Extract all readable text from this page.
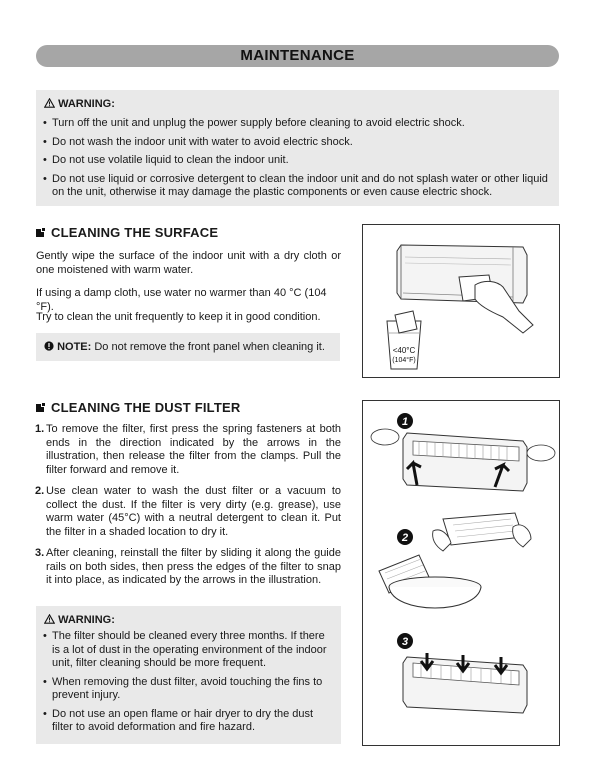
MAINTENANCE
WARNING:
• Turn off the unit and unplug the power supply before cleaning to avoid electric shock.
• Do not wash the indoor unit with water to avoid electric shock.
• Do not use volatile liquid to clean the indoor unit.
• Do not use liquid or corrosive detergent to clean the indoor unit and do not splash water or other liquid on the unit, otherwise it may damage the plastic components or even cause electric shock.
CLEANING THE SURFACE
Gently wipe the surface of the indoor unit with a dry cloth or one moistened with warm water.
If using a damp cloth, use water no warmer than 40 °C (104 °F).
Try to clean the unit frequently to keep it in good condition.
NOTE: Do not remove the front panel when cleaning it.	<40°C
(104°F)
CLEANING THE DUST FILTER
1. To remove the filter, first press the spring fasteners at both ends in the direction indicated by the arrows in the illustration, then release the filter from the clamps. Pull the filter forward and remove it.
2. Use clean water to wash the dust filter or a vacuum to collect the dust. If the filter is very dirty (e.g. grease), use warm water (45°C) with a neutral detergent to clean it. Put the filter in a shaded location to dry it.
3. After cleaning, reinstall the filter by sliding it along the guide rails on both sides, then press the edges of the filter to snap it into place, as indicated by the arrows in the illustration.
WARNING:
• The filter should be cleaned every three months. If there is a lot of dust in the operating environment of the indoor unit, filter cleaning should be more frequent.
• When removing the dust filter, avoid touching the fins to prevent injury.
• Do not use an open flame or hair dryer to dry the dust filter to avoid deformation and fire hazard.
1
2
3
